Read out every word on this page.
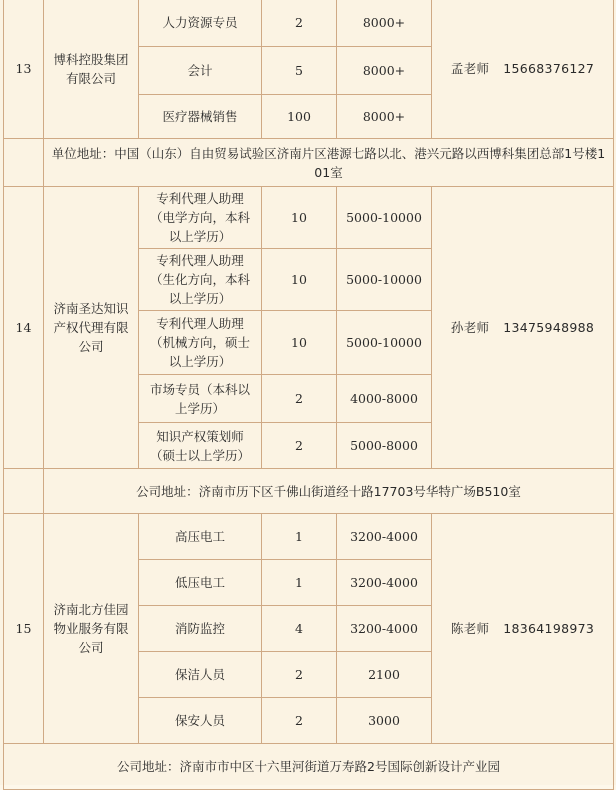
13	博科控股集团有限公司	人力资源专员	2	8000+	孟老师 15668376127
		会计	5	8000+	
		医疗器械销售	100	8000+	
	单位地址：中国（山东）自由贸易试验区济南片区港源七路以北、港兴元路以西博科集团总部1号楼101室				
14	济南圣达知识产权代理有限公司	专利代理人助理（电学方向，本科以上学历）	10	5000-10000	孙老师 13475948988
		专利代理人助理（生化方向，本科以上学历）	10	5000-10000	
		专利代理人助理（机械方向，硕士以上学历）	10	5000-10000	
		市场专员（本科以上学历）	2	4000-8000	
		知识产权策划师（硕士以上学历）	2	5000-8000	
	公司地址：济南市历下区千佛山街道经十路17703号华特广场B510室				
15	济南北方佳园物业服务有限公司	高压电工	1	3200-4000	陈老师 18364198973
		低压电工	1	3200-4000	
		消防监控	4	3200-4000	
		保洁人员	2	2100	
		保安人员	2	3000	
公司地址：济南市市中区十六里河街道万寿路2号国际创新设计产业园					
